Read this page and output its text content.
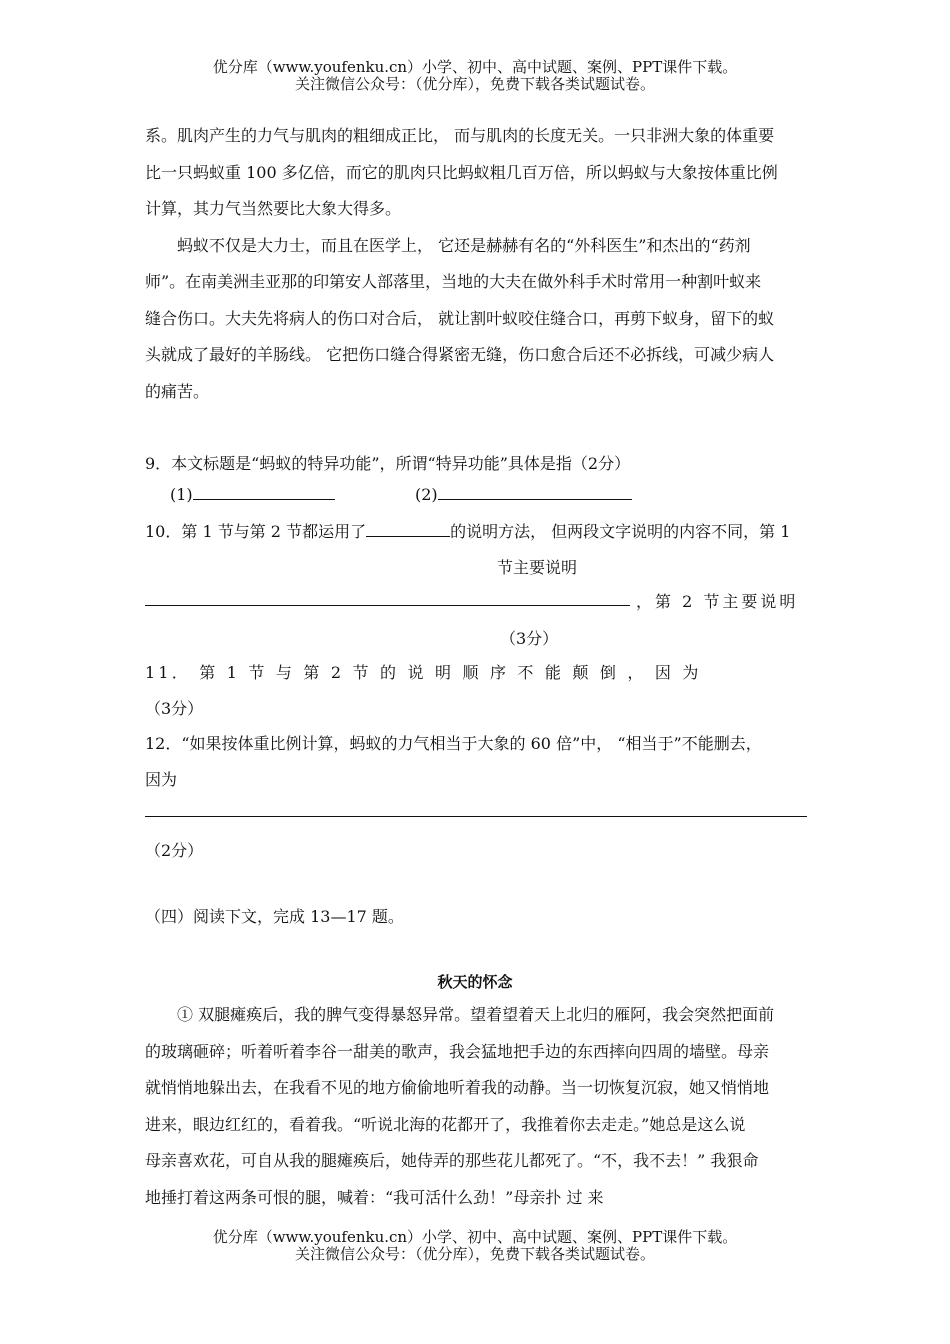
优分库（www.youfenku.cn）小学、初中、高中试题、案例、PPT课件下载。
关注微信公众号：（优分库），免费下载各类试题试卷。
系。肌肉产生的力气与肌肉的粗细成正比， 而与肌肉的长度无关。一只非洲大象的体重要
比一只蚂蚁重 100 多亿倍，而它的肌肉只比蚂蚁粗几百万倍，所以蚂蚁与大象按体重比例
计算，其力气当然要比大象大得多。
　　蚂蚁不仅是大力士，而且在医学上， 它还是赫赫有名的“外科医生”和杰出的“药剂
师”。在南美洲圭亚那的印第安人部落里，当地的大夫在做外科手术时常用一种割叶蚁来
缝合伤口。大夫先将病人的伤口对合后， 就让割叶蚁咬住缝合口，再剪下蚁身，留下的蚁
头就成了最好的羊肠线。 它把伤口缝合得紧密无缝，伤口愈合后还不必拆线，可减少病人
的痛苦。
9．本文标题是“蚂蚁的特异功能”，所谓“特异功能”具体是指（2分）
(1)	(2)
10．第 1 节与第 2 节都运用了	的说明方法， 但两段文字说明的内容不同，第 1
节主要说明
，第 2 节主要说明
（3分）
11． 第 1 节 与 第 2 节 的 说 明 顺 序 不 能 颠 倒 ， 因 为
（3分）
12．“如果按体重比例计算，蚂蚁的力气相当于大象的 60 倍”中， “相当于”不能删去，
因为
（2分）
（四）阅读下文，完成 13—17 题。
秋天的怀念
　　① 双腿瘫痪后，我的脾气变得暴怒异常。望着望着天上北归的雁阿，我会突然把面前
的玻璃砸碎；听着听着李谷一甜美的歌声，我会猛地把手边的东西摔向四周的墙壁。母亲
就悄悄地躲出去，在我看不见的地方偷偷地听着我的动静。当一切恢复沉寂，她又悄悄地
进来，眼边红红的，看着我。“听说北海的花都开了，我推着你去走走。”她总是这么说
母亲喜欢花，可自从我的腿瘫痪后，她侍弄的那些花儿都死了。“不，我不去！” 我狠命
地捶打着这两条可恨的腿，喊着：“我可活什么劲！”母亲扑 过 来
优分库（www.youfenku.cn）小学、初中、高中试题、案例、PPT课件下载。
关注微信公众号：（优分库），免费下载各类试题试卷。
